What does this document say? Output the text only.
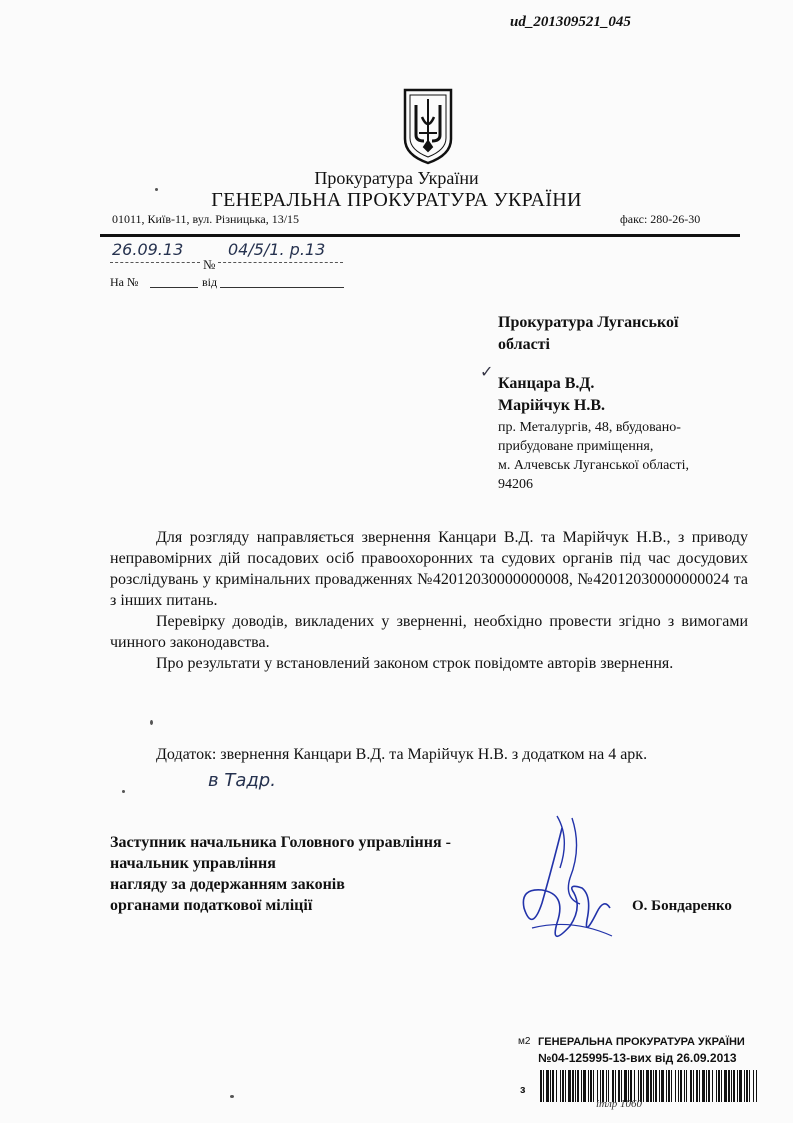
ud_201309521_045
Прокуратура України
ГЕНЕРАЛЬНА ПРОКУРАТУРА УКРАЇНИ
01011, Київ-11, вул. Різницька, 13/15	факс: 280-26-30
26.09.13
№
04/5/1. р.13
На №	від
Прокуратура Луганської
області
✓
Канцара В.Д.
Марійчук Н.В.
пр. Металургів, 48, вбудовано-
прибудоване приміщення,
м. Алчевськ Луганської області,
94206

Для розгляду направляється звернення Канцари В.Д. та Марійчук Н.В., з приводу неправомірних дій посадових осіб правоохоронних та судових органів під час досудових розслідувань у кримінальних провадженнях №42012030000000008, №42012030000000024 та з інших питань.

Перевірку доводів, викладених у зверненні, необхідно провести згідно з вимогами чинного законодавства.

Про результати у встановлений законом строк повідомте авторів звернення.

Додаток: звернення Канцари В.Д. та Марійчук Н.В. з додатком на 4 арк.
в Тадр.
Заступник начальника Головного управління -
начальник управління
нагляду за додержанням законів
органами податкової міліції	О. Бондаренко
м2 ГЕНЕРАЛЬНА ПРОКУРАТУРА УКРАЇНИ
№04-125995-13-вих від 26.09.2013
з
ітлр 1060
